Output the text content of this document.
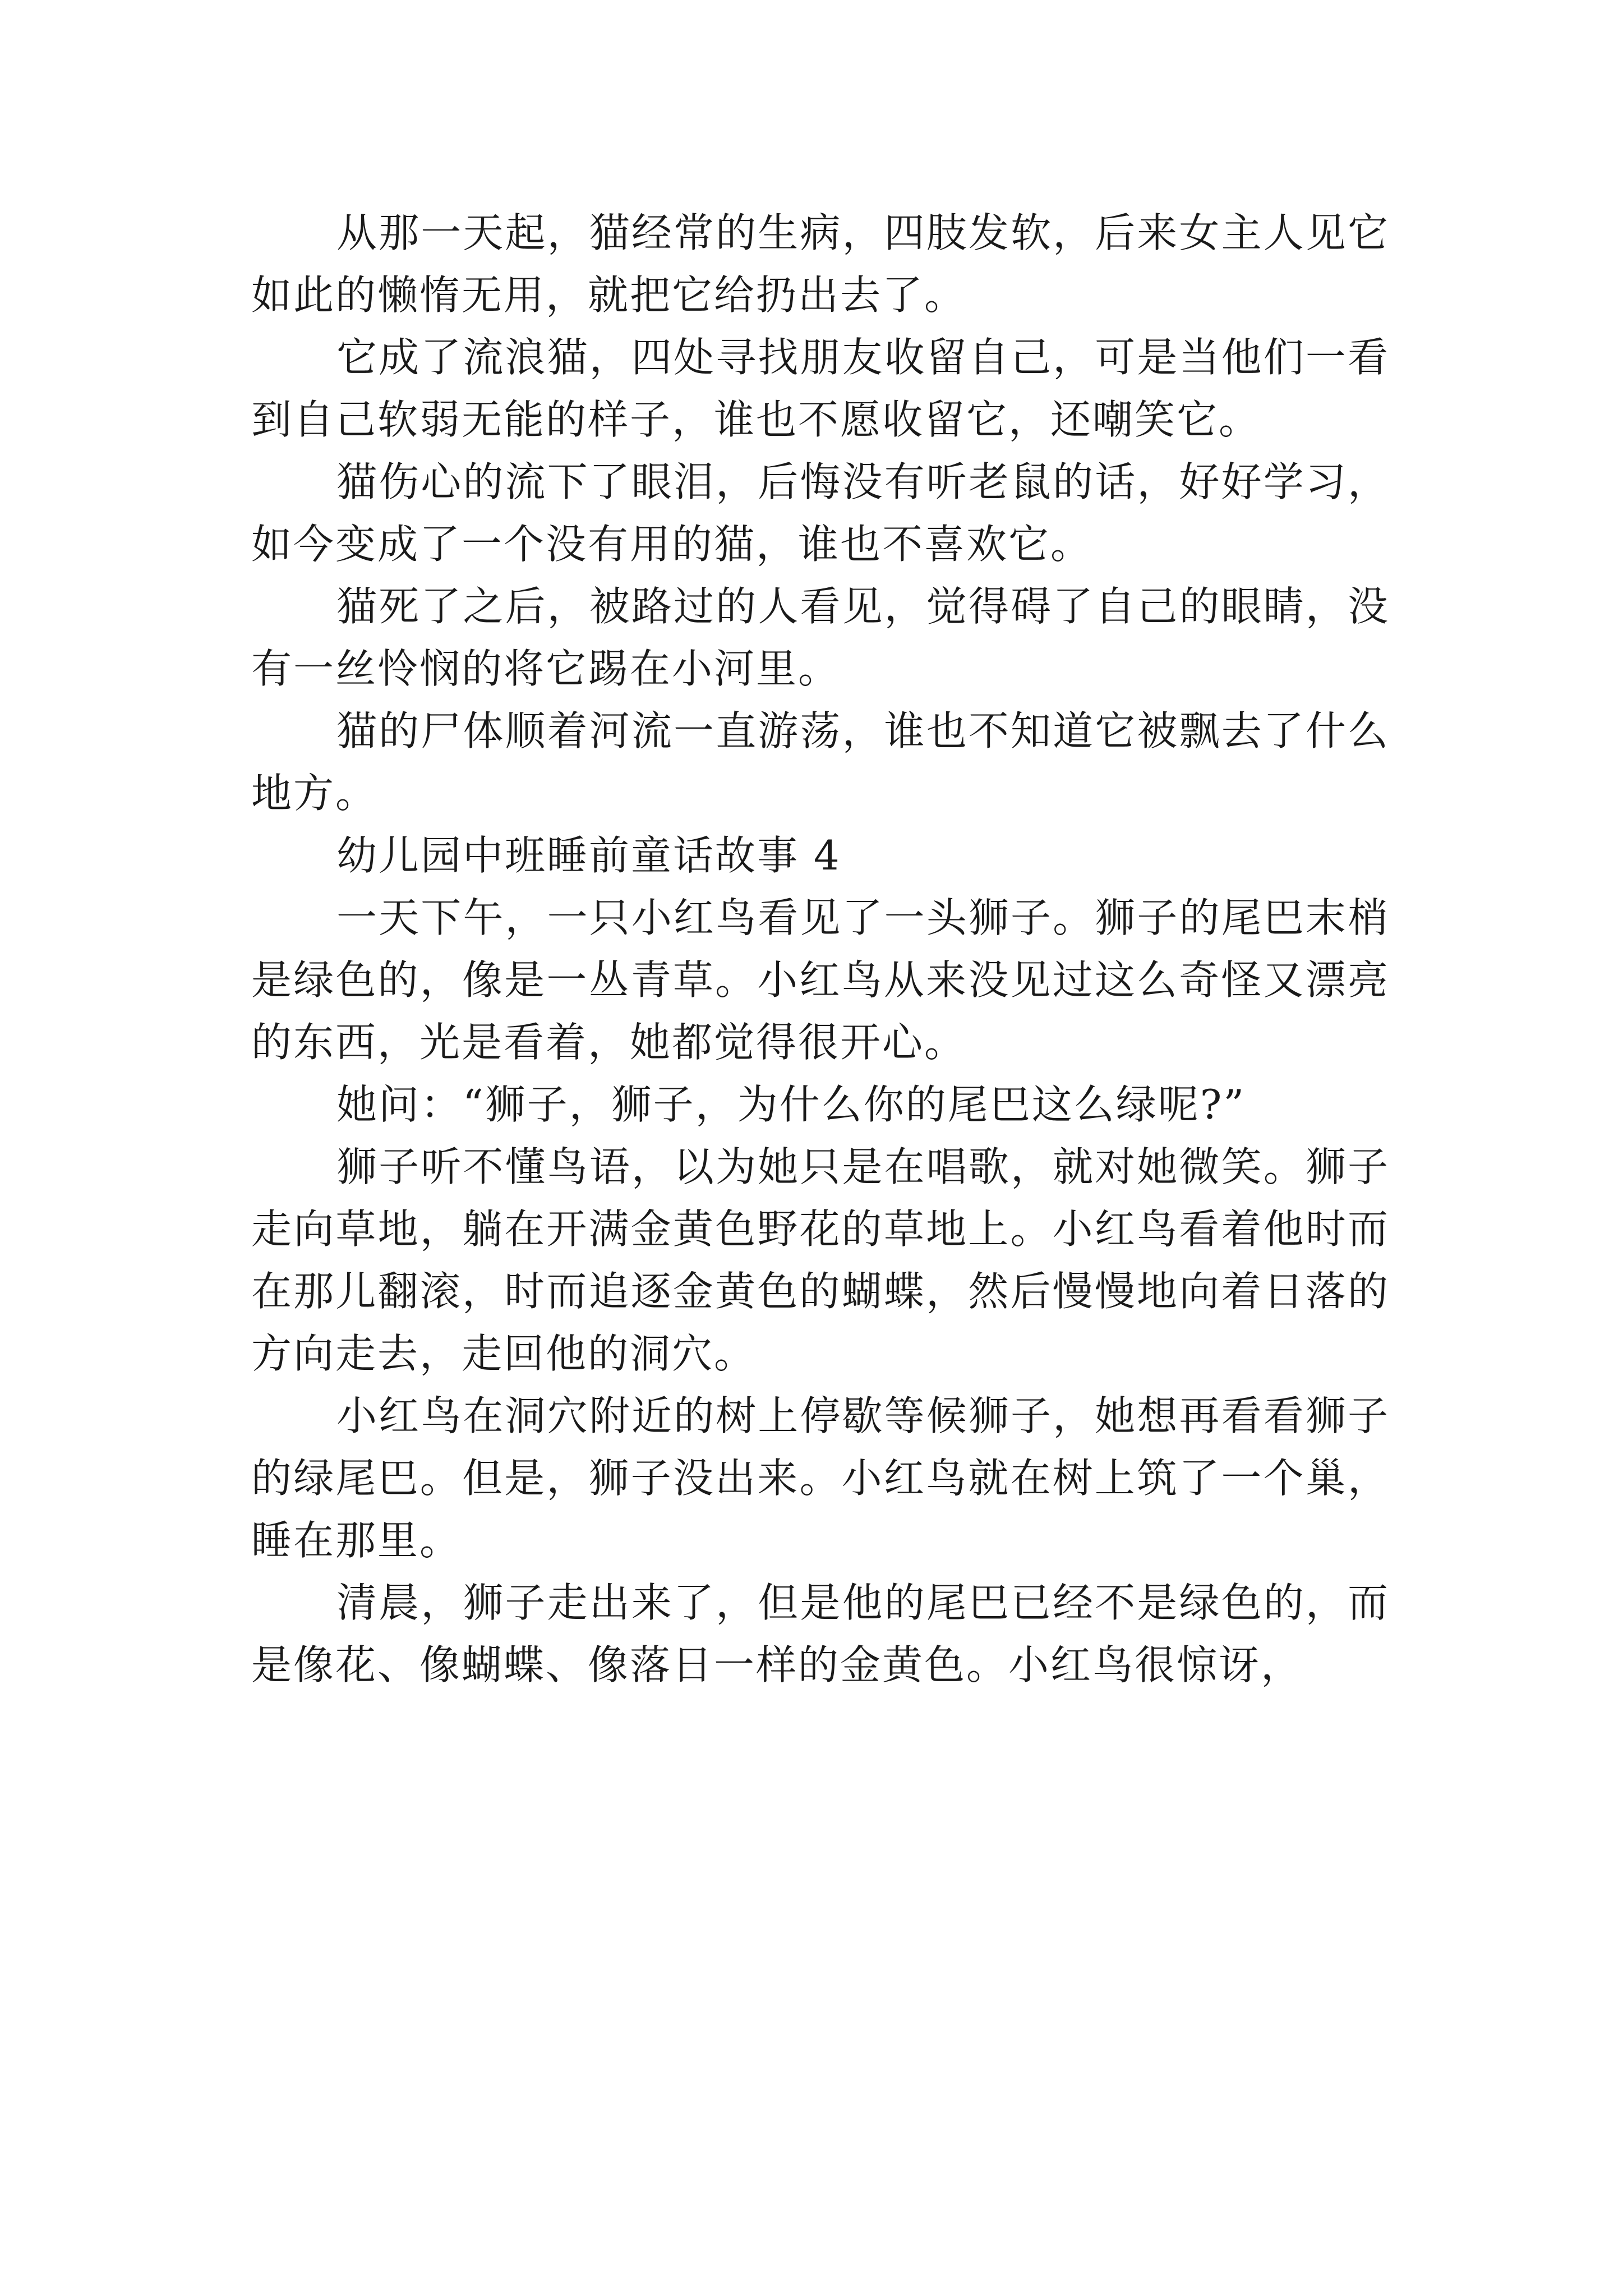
从那一天起，猫经常的生病，四肢发软，后来女主人见它如此的懒惰无用，就把它给扔出去了。

它成了流浪猫，四处寻找朋友收留自己，可是当他们一看到自己软弱无能的样子，谁也不愿收留它，还嘲笑它。

猫伤心的流下了眼泪，后悔没有听老鼠的话，好好学习，如今变成了一个没有用的猫，谁也不喜欢它。

猫死了之后，被路过的人看见，觉得碍了自己的眼睛，没有一丝怜悯的将它踢在小河里。

猫的尸体顺着河流一直游荡，谁也不知道它被飘去了什么地方。

幼儿园中班睡前童话故事 4

一天下午，一只小红鸟看见了一头狮子。狮子的尾巴末梢是绿色的，像是一丛青草。小红鸟从来没见过这么奇怪又漂亮的东西，光是看着，她都觉得很开心。

她问：“狮子，狮子，为什么你的尾巴这么绿呢?”

狮子听不懂鸟语，以为她只是在唱歌，就对她微笑。狮子走向草地，躺在开满金黄色野花的草地上。小红鸟看着他时而在那儿翻滚，时而追逐金黄色的蝴蝶，然后慢慢地向着日落的方向走去，走回他的洞穴。

小红鸟在洞穴附近的树上停歇等候狮子，她想再看看狮子的绿尾巴。但是，狮子没出来。小红鸟就在树上筑了一个巢，睡在那里。

清晨，狮子走出来了，但是他的尾巴已经不是绿色的，而是像花、像蝴蝶、像落日一样的金黄色。小红鸟很惊讶，
